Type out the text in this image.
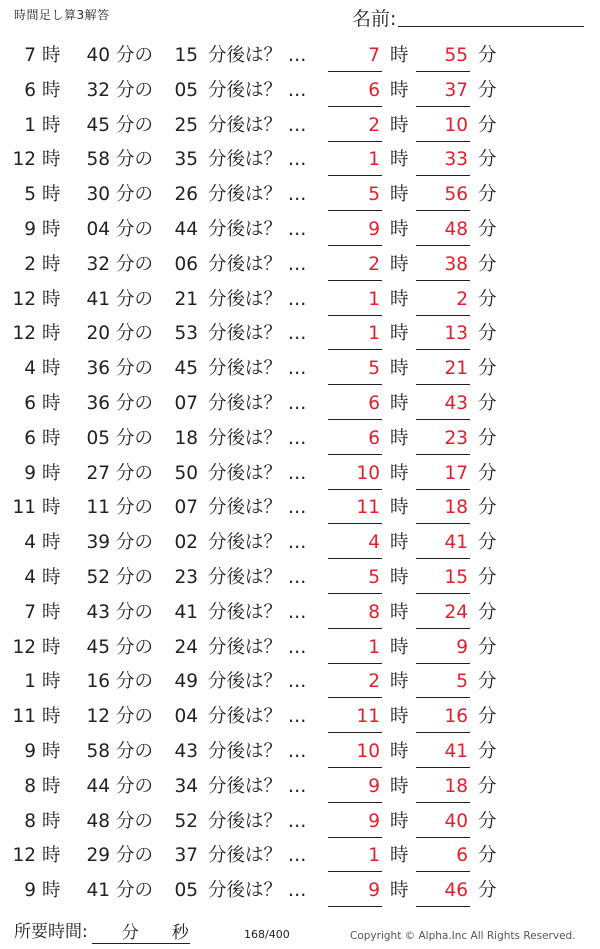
時間足し算3解答	名前:
7 時	40 分の	15 分後は？ …	7 時	55 分
6 時	32 分の	05 分後は？ …	6 時	37 分
1 時	45 分の	25 分後は？ …	2 時	10 分
12 時	58 分の	35 分後は？ …	1 時	33 分
5 時	30 分の	26 分後は？ …	5 時	56 分
9 時	04 分の	44 分後は？ …	9 時	48 分
2 時	32 分の	06 分後は？ …	2 時	38 分
12 時	41 分の	21 分後は？ …	1 時	2 分
12 時	20 分の	53 分後は？ …	1 時	13 分
4 時	36 分の	45 分後は？ …	5 時	21 分
6 時	36 分の	07 分後は？ …	6 時	43 分
6 時	05 分の	18 分後は？ …	6 時	23 分
9 時	27 分の	50 分後は？ …	10 時	17 分
11 時	11 分の	07 分後は？ …	11 時	18 分
4 時	39 分の	02 分後は？ …	4 時	41 分
4 時	52 分の	23 分後は？ …	5 時	15 分
7 時	43 分の	41 分後は？ …	8 時	24 分
12 時	45 分の	24 分後は？ …	1 時	9 分
1 時	16 分の	49 分後は？ …	2 時	5 分
11 時	12 分の	04 分後は？ …	11 時	16 分
9 時	58 分の	43 分後は？ …	10 時	41 分
8 時	44 分の	34 分後は？ …	9 時	18 分
8 時	48 分の	52 分後は？ …	9 時	40 分
12 時	29 分の	37 分後は？ …	1 時	6 分
9 時	41 分の	05 分後は？ …	9 時	46 分
所要時間: 分 秒	168/400	Copyright © Alpha.Inc All Rights Reserved.
